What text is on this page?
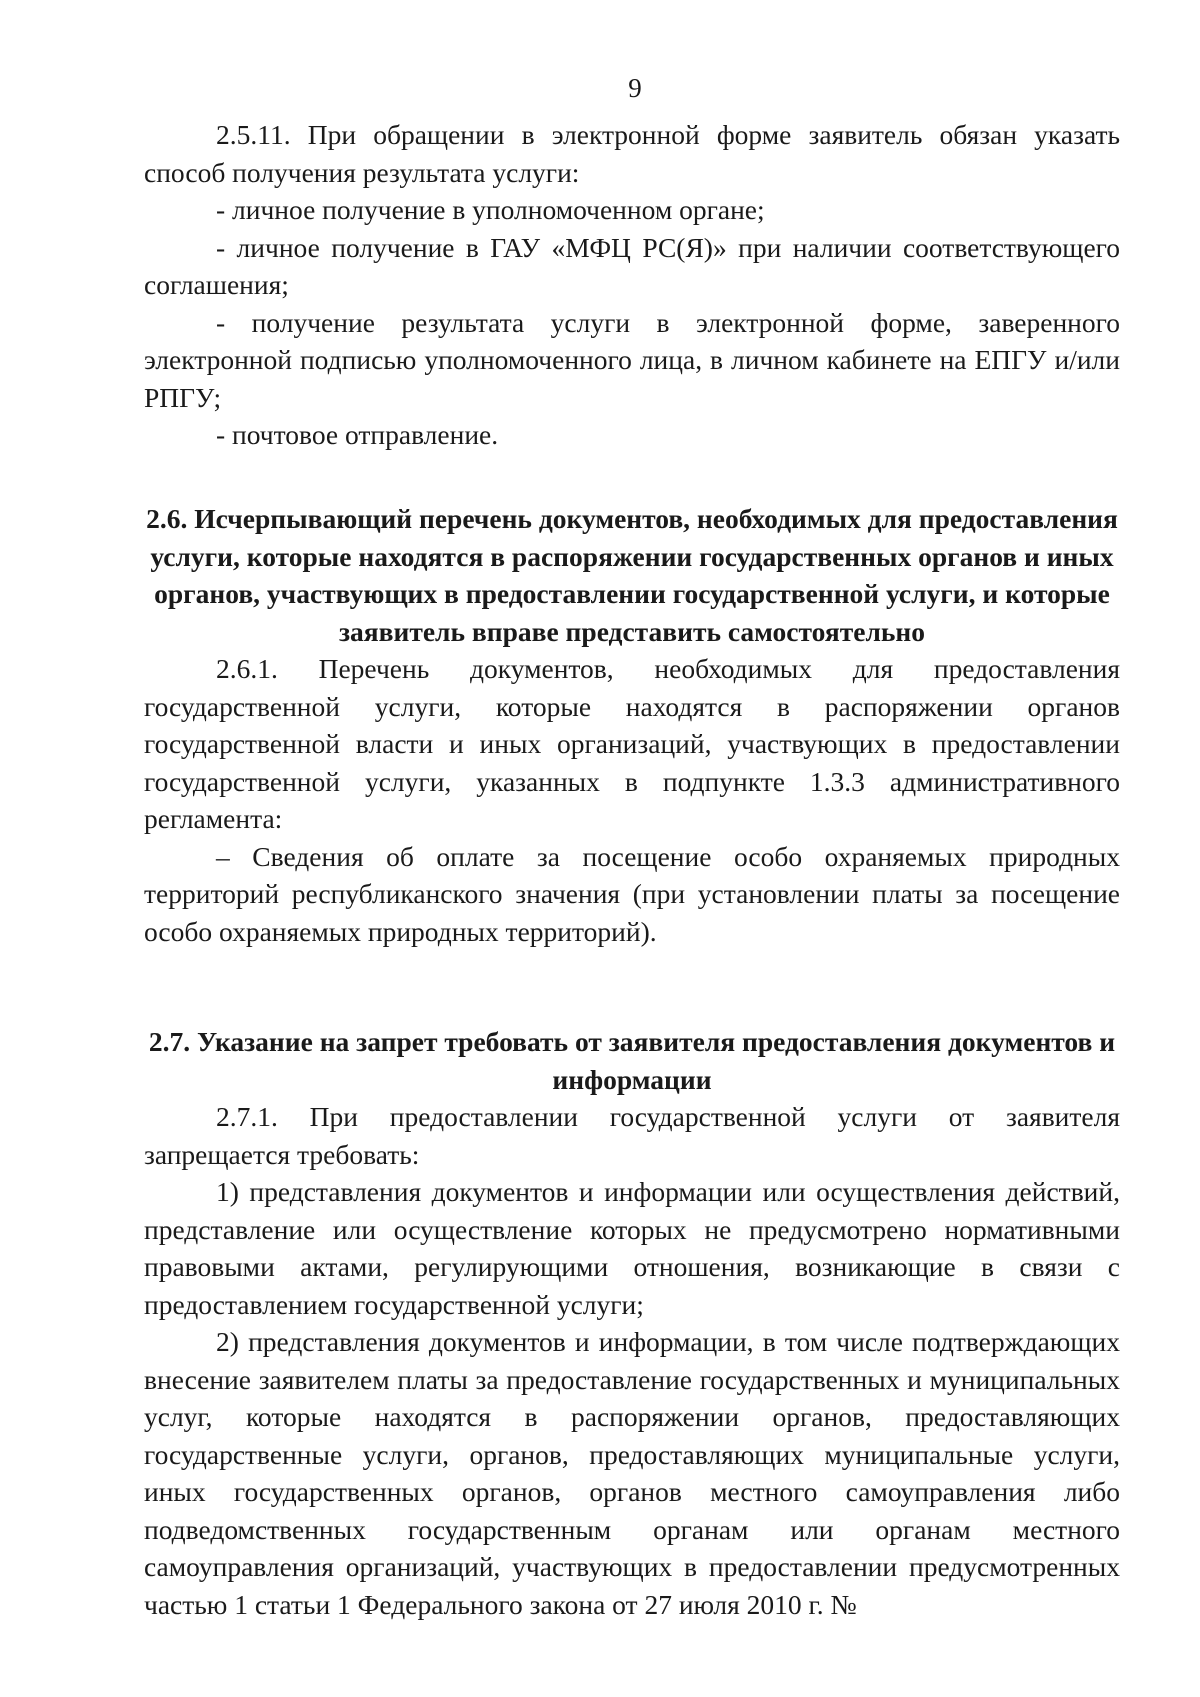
9

2.5.11. При обращении в электронной форме заявитель обязан указать способ получения результата услуги:

- личное получение в уполномоченном органе;

- личное получение в ГАУ «МФЦ РС(Я)» при наличии соответствующего соглашения;

- получение результата услуги в электронной форме, заверенного электронной подписью уполномоченного лица, в личном кабинете на ЕПГУ и/или РПГУ;

- почтовое отправление.

2.6. Исчерпывающий перечень документов, необходимых для предоставления услуги, которые находятся в распоряжении государственных органов и иных органов, участвующих в предоставлении государственной услуги, и которые заявитель вправе представить самостоятельно

2.6.1. Перечень документов, необходимых для предоставления государственной услуги, которые находятся в распоряжении органов государственной власти и иных организаций, участвующих в предоставлении государственной услуги, указанных в подпункте 1.3.3 административного регламента:

– Сведения об оплате за посещение особо охраняемых природных территорий республиканского значения (при установлении платы за посещение особо охраняемых природных территорий).

2.7. Указание на запрет требовать от заявителя предоставления документов и информации

2.7.1. При предоставлении государственной услуги от заявителя запрещается требовать:

1) представления документов и информации или осуществления действий, представление или осуществление которых не предусмотрено нормативными правовыми актами, регулирующими отношения, возникающие в связи с предоставлением государственной услуги;

2) представления документов и информации, в том числе подтверждающих внесение заявителем платы за предоставление государственных и муниципальных услуг, которые находятся в распоряжении органов, предоставляющих государственные услуги, органов, предоставляющих муниципальные услуги, иных государственных органов, органов местного самоуправления либо подведомственных государственным органам или органам местного самоуправления организаций, участвующих в предоставлении предусмотренных частью 1 статьи 1 Федерального закона от 27 июля 2010 г. №
